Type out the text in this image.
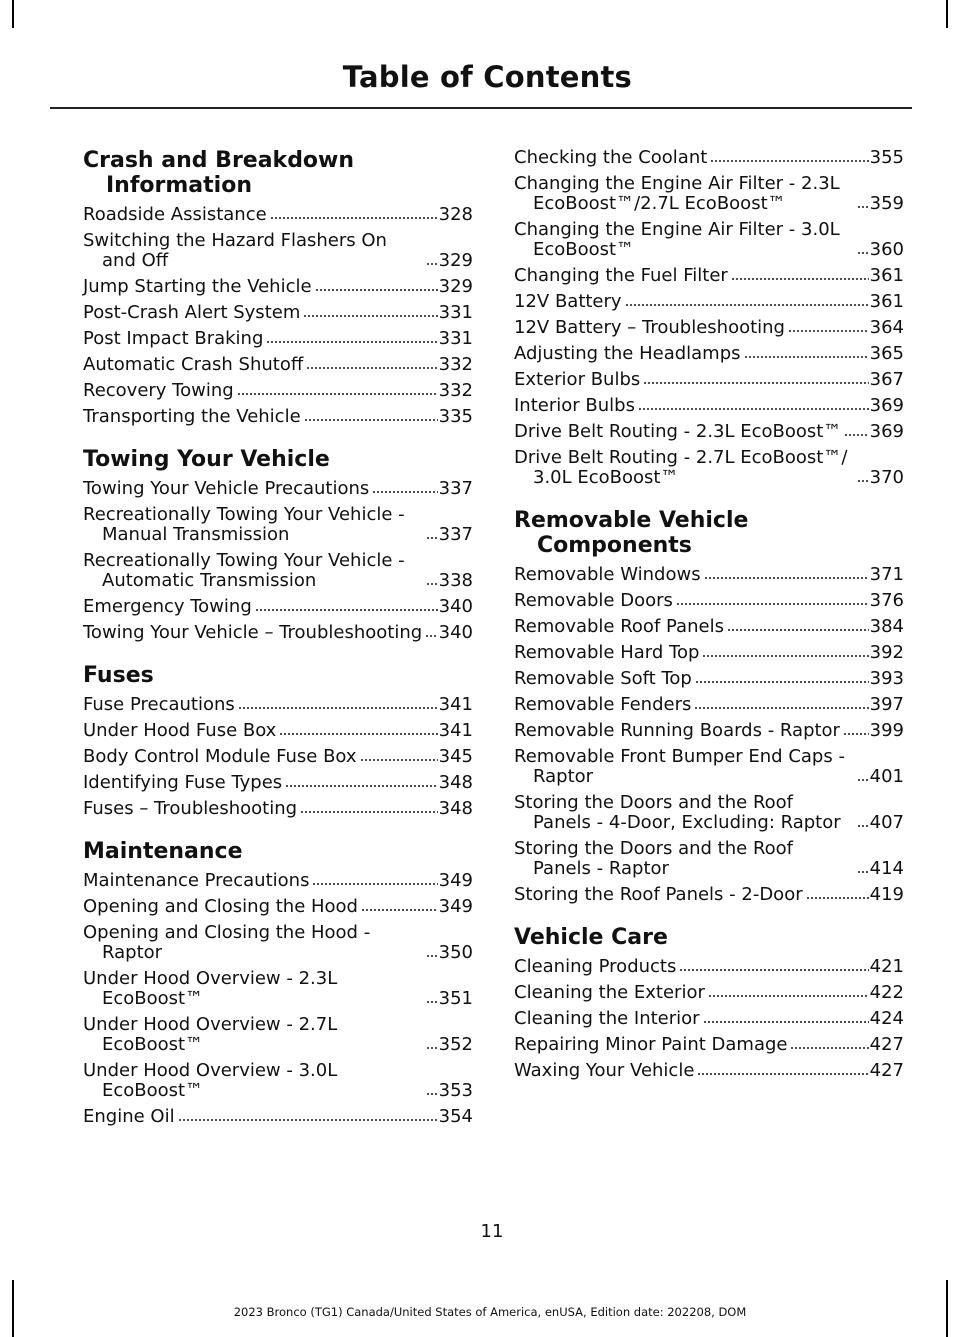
Table of Contents
Crash and Breakdown Information
Roadside Assistance	328
Switching the Hazard Flashers On and Off	329
Jump Starting the Vehicle	329
Post-Crash Alert System	331
Post Impact Braking	331
Automatic Crash Shutoff	332
Recovery Towing	332
Transporting the Vehicle	335
Towing Your Vehicle
Towing Your Vehicle Precautions	337
Recreationally Towing Your Vehicle - Manual Transmission	337
Recreationally Towing Your Vehicle - Automatic Transmission	338
Emergency Towing	340
Towing Your Vehicle – Troubleshooting 340
Fuses
Fuse Precautions	341
Under Hood Fuse Box	341
Body Control Module Fuse Box	345
Identifying Fuse Types	348
Fuses – Troubleshooting	348
Maintenance
Maintenance Precautions	349
Opening and Closing the Hood	349
Opening and Closing the Hood - Raptor	350
Under Hood Overview - 2.3L EcoBoost™	351
Under Hood Overview - 2.7L EcoBoost™	352
Under Hood Overview - 3.0L EcoBoost™	353
Engine Oil	354
Checking the Coolant	355
Changing the Engine Air Filter - 2.3L EcoBoost™/2.7L EcoBoost™	359
Changing the Engine Air Filter - 3.0L EcoBoost™	360
Changing the Fuel Filter	361
12V Battery	361
12V Battery – Troubleshooting	364
Adjusting the Headlamps	365
Exterior Bulbs	367
Interior Bulbs	369
Drive Belt Routing - 2.3L EcoBoost™ 369
Drive Belt Routing - 2.7L EcoBoost™/ 3.0L EcoBoost™	370
Removable Vehicle Components
Removable Windows	371
Removable Doors	376
Removable Roof Panels	384
Removable Hard Top	392
Removable Soft Top	393
Removable Fenders	397
Removable Running Boards - Raptor 399
Removable Front Bumper End Caps - Raptor	401
Storing the Doors and the Roof Panels - 4-Door, Excluding: Raptor	407
Storing the Doors and the Roof Panels - Raptor	414
Storing the Roof Panels - 2-Door	419
Vehicle Care
Cleaning Products	421
Cleaning the Exterior	422
Cleaning the Interior	424
Repairing Minor Paint Damage	427
Waxing Your Vehicle	427
11
2023 Bronco (TG1) Canada/United States of America, enUSA, Edition date: 202208, DOM
